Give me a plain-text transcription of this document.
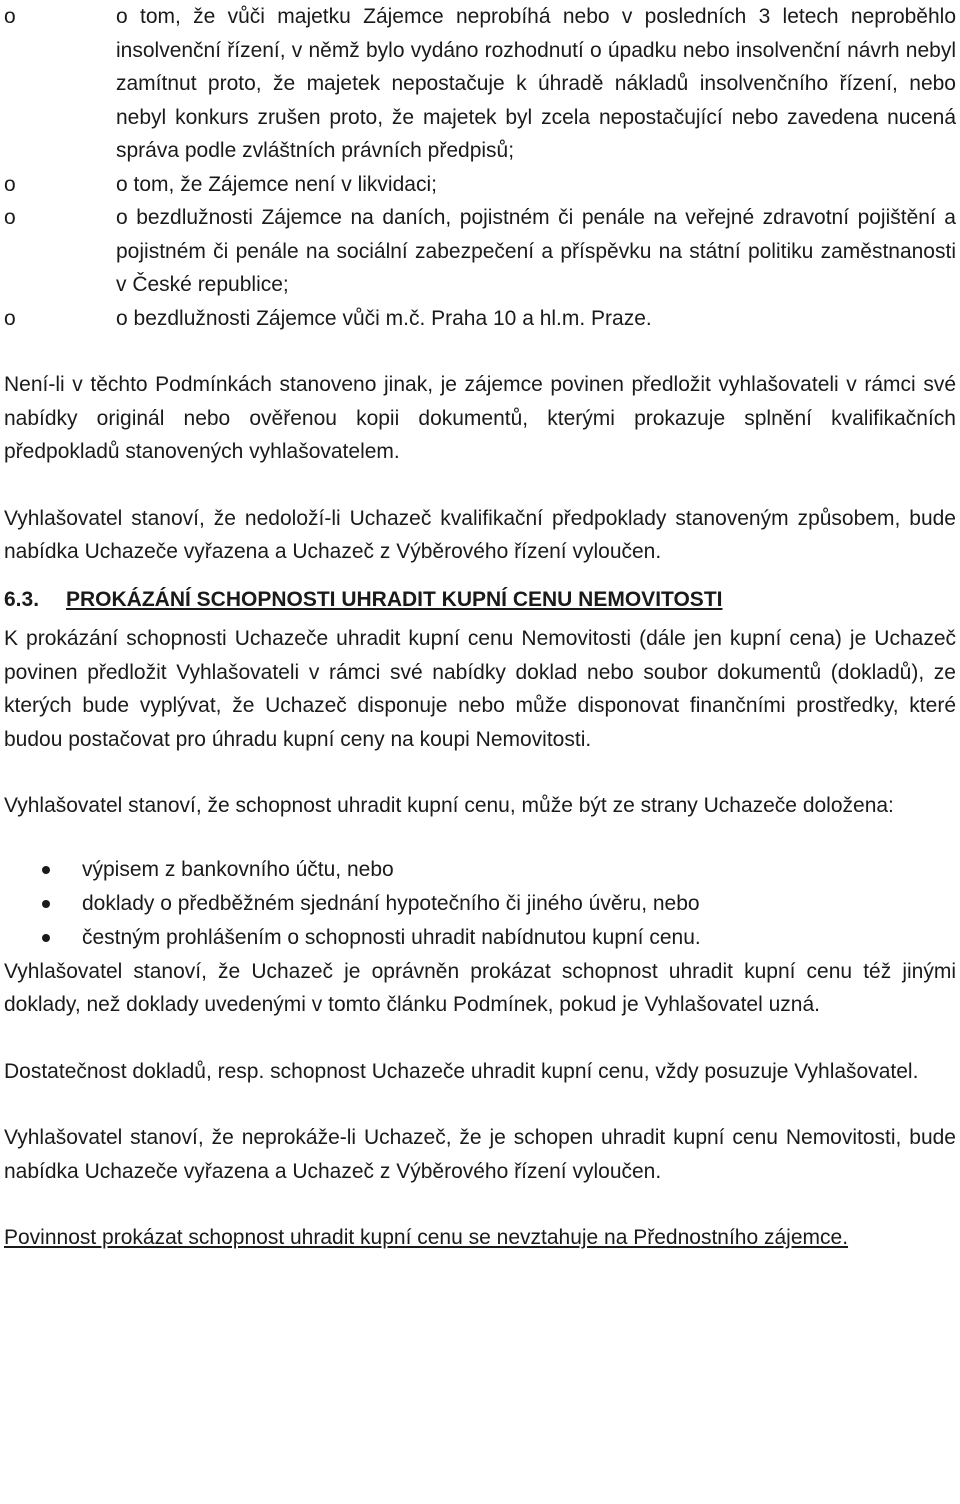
o	o tom, že vůči majetku Zájemce neprobíhá nebo v posledních 3 letech neproběhlo insolvenční řízení, v němž bylo vydáno rozhodnutí o úpadku nebo insolvenční návrh nebyl zamítnut proto, že majetek nepostačuje k úhradě nákladů insolvenčního řízení, nebo nebyl konkurs zrušen proto, že majetek byl zcela nepostačující nebo zavedena nucená správa podle zvláštních právních předpisů;
o	o tom, že Zájemce není v likvidaci;
o	o bezdlužnosti Zájemce na daních, pojistném či penále na veřejné zdravotní pojištění a pojistném či penále na sociální zabezpečení a příspěvku na státní politiku zaměstnanosti v České republice;
o	o bezdlužnosti Zájemce vůči m.č. Praha 10 a hl.m. Praze.

Není-li v těchto Podmínkách stanoveno jinak, je zájemce povinen předložit vyhlašovateli v rámci své nabídky originál nebo ověřenou kopii dokumentů, kterými prokazuje splnění kvalifikačních předpokladů stanovených vyhlašovatelem.

Vyhlašovatel stanoví, že nedoloží-li Uchazeč kvalifikační předpoklady stanoveným způsobem, bude nabídka Uchazeče vyřazena a Uchazeč z Výběrového řízení vyloučen.

6.3. PROKÁZÁNÍ SCHOPNOSTI UHRADIT KUPNÍ CENU NEMOVITOSTI

K prokázání schopnosti Uchazeče uhradit kupní cenu Nemovitosti (dále jen kupní cena) je Uchazeč povinen předložit Vyhlašovateli v rámci své nabídky doklad nebo soubor dokumentů (dokladů), ze kterých bude vyplývat, že Uchazeč disponuje nebo může disponovat finančními prostředky, které budou postačovat pro úhradu kupní ceny na koupi Nemovitosti.

Vyhlašovatel stanoví, že schopnost uhradit kupní cenu, může být ze strany Uchazeče doložena:

výpisem z bankovního účtu, nebo
doklady o předběžném sjednání hypotečního či jiného úvěru, nebo
čestným prohlášením o schopnosti uhradit nabídnutou kupní cenu.

Vyhlašovatel stanoví, že Uchazeč je oprávněn prokázat schopnost uhradit kupní cenu též jinými doklady, než doklady uvedenými v tomto článku Podmínek, pokud je Vyhlašovatel uzná.

Dostatečnost dokladů, resp. schopnost Uchazeče uhradit kupní cenu, vždy posuzuje Vyhlašovatel.

Vyhlašovatel stanoví, že neprokáže-li Uchazeč, že je schopen uhradit kupní cenu Nemovitosti, bude nabídka Uchazeče vyřazena a Uchazeč z Výběrového řízení vyloučen.

Povinnost prokázat schopnost uhradit kupní cenu se nevztahuje na Přednostního zájemce.
